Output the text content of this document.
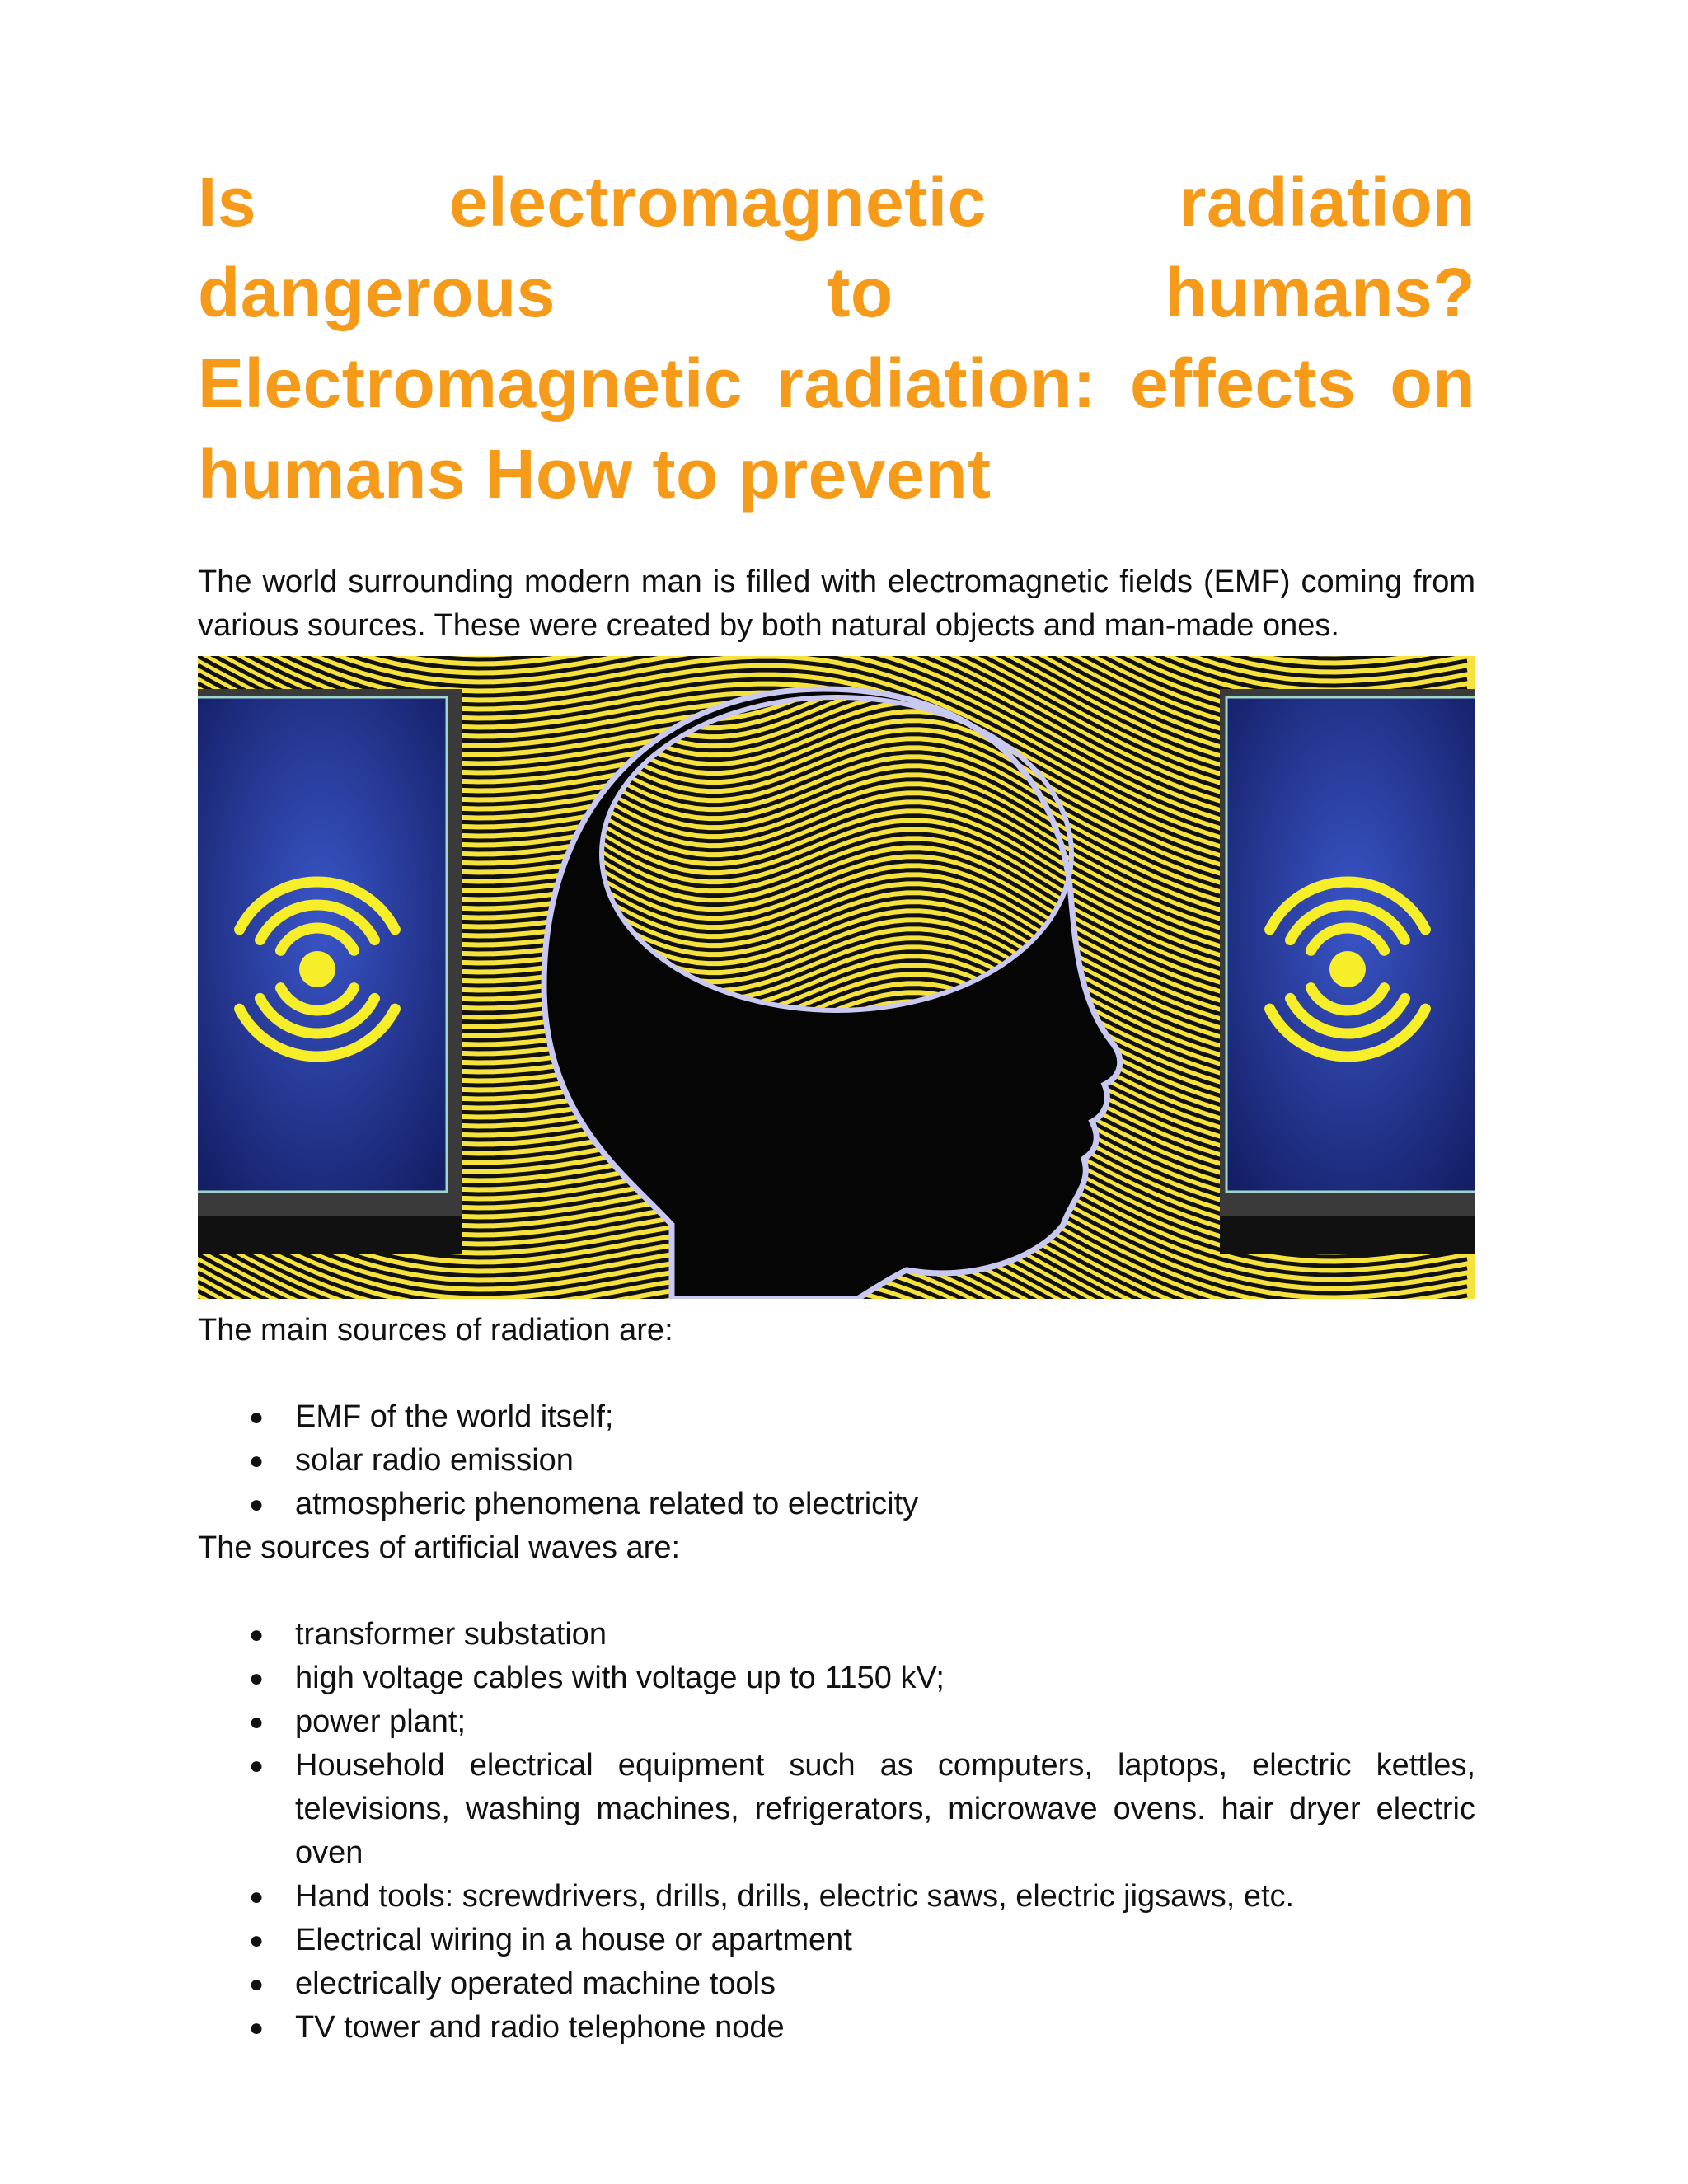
Is electromagnetic radiation dangerous to humans? Electromagnetic radiation: effects on humans How to prevent

The world surrounding modern man is filled with electromagnetic fields (EMF) coming from various sources. These were created by both natural objects and man-made ones.

The main sources of radiation are:

● EMF of the world itself;
● solar radio emission
● atmospheric phenomena related to electricity

The sources of artificial waves are:

● transformer substation
● high voltage cables with voltage up to 1150 kV;
● power plant;
● Household electrical equipment such as computers, laptops, electric kettles, televisions, washing machines, refrigerators, microwave ovens. hair dryer electric oven
● Hand tools: screwdrivers, drills, drills, electric saws, electric jigsaws, etc.
● Electrical wiring in a house or apartment
● electrically operated machine tools
● TV tower and radio telephone node
